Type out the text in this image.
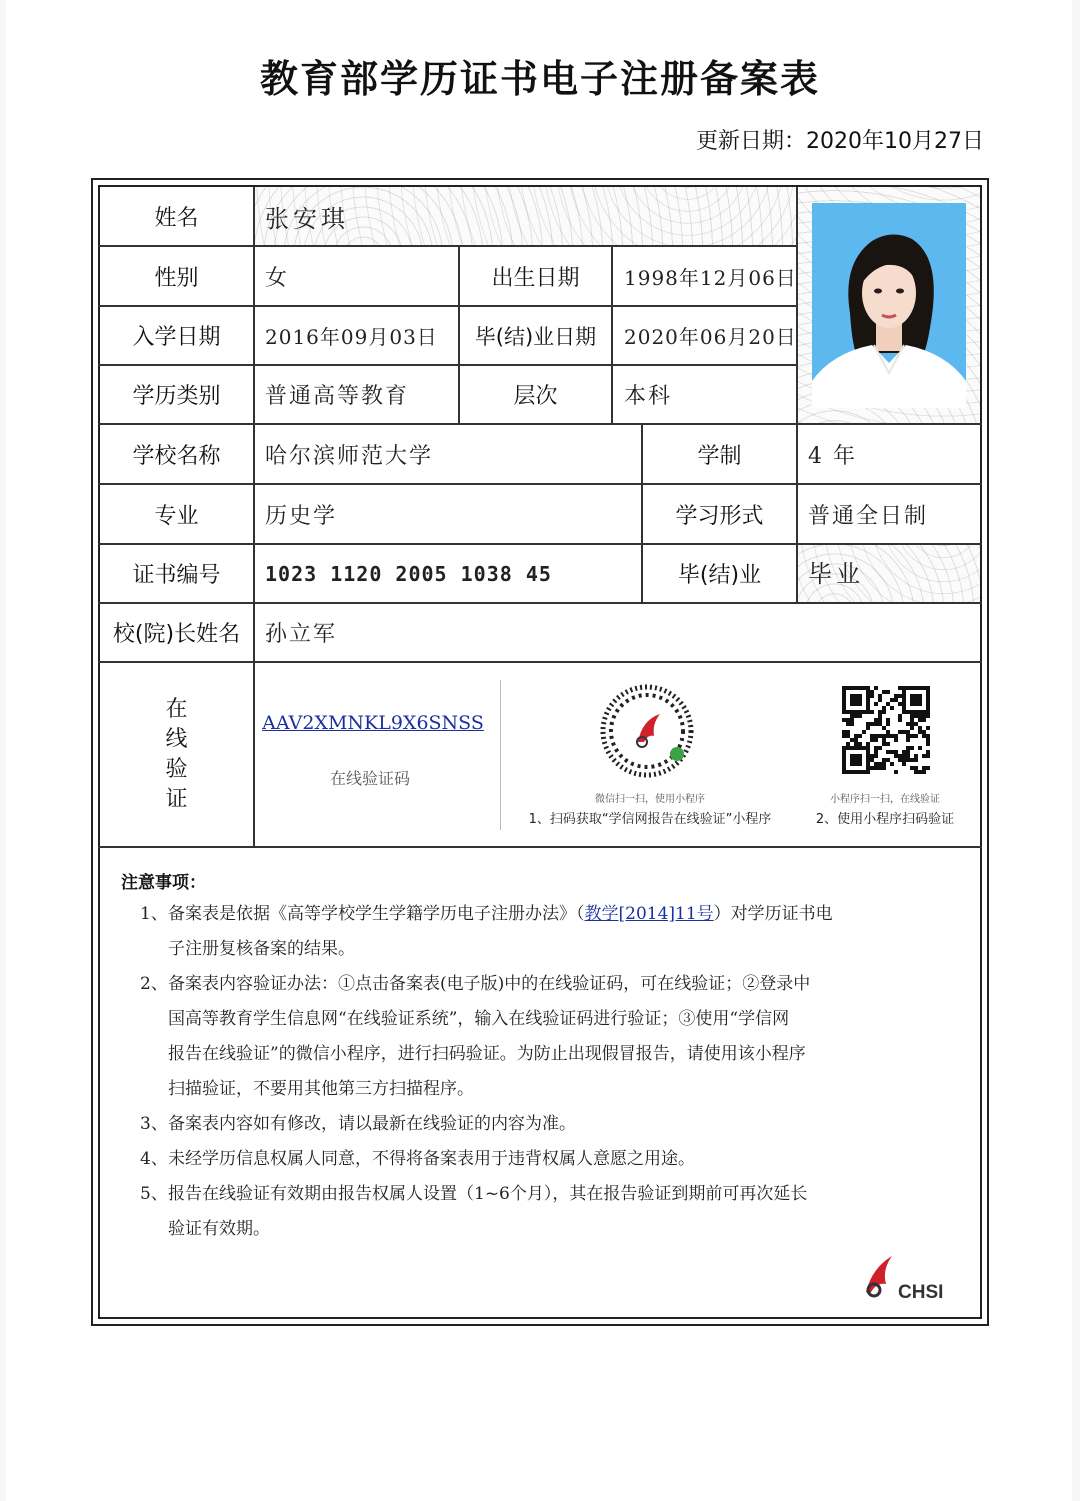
教育部学历证书电子注册备案表
更新日期：2020年10月27日
姓名	张安琪
性别	女	出生日期	1998年12月06日
入学日期	2016年09月03日	毕(结)业日期	2020年06月20日
学历类别	普通高等教育	层次	本科
学校名称	哈尔滨师范大学	学制	4 年
专业	历史学	学习形式	普通全日制
证书编号	1023 1120 2005 1038 45	毕(结)业	毕业
校(院)长姓名	孙立军
在
线
验
证
AAV2XMNKL9X6SNSS
在线验证码
微信扫一扫，使用小程序
1、扫码获取“学信网报告在线验证”小程序
小程序扫一扫，在线验证
2、使用小程序扫码验证
注意事项：
1、备案表是依据《高等学校学生学籍学历电子注册办法》（教学[2014]11号）对学历证书电
子注册复核备案的结果。
2、备案表内容验证办法：①点击备案表(电子版)中的在线验证码，可在线验证；②登录中
国高等教育学生信息网“在线验证系统”，输入在线验证码进行验证；③使用“学信网
报告在线验证”的微信小程序，进行扫码验证。为防止出现假冒报告，请使用该小程序
扫描验证，不要用其他第三方扫描程序。
3、备案表内容如有修改，请以最新在线验证的内容为准。
4、未经学历信息权属人同意，不得将备案表用于违背权属人意愿之用途。
5、报告在线验证有效期由报告权属人设置（1~6个月），其在报告验证到期前可再次延长
验证有效期。
CHSI
